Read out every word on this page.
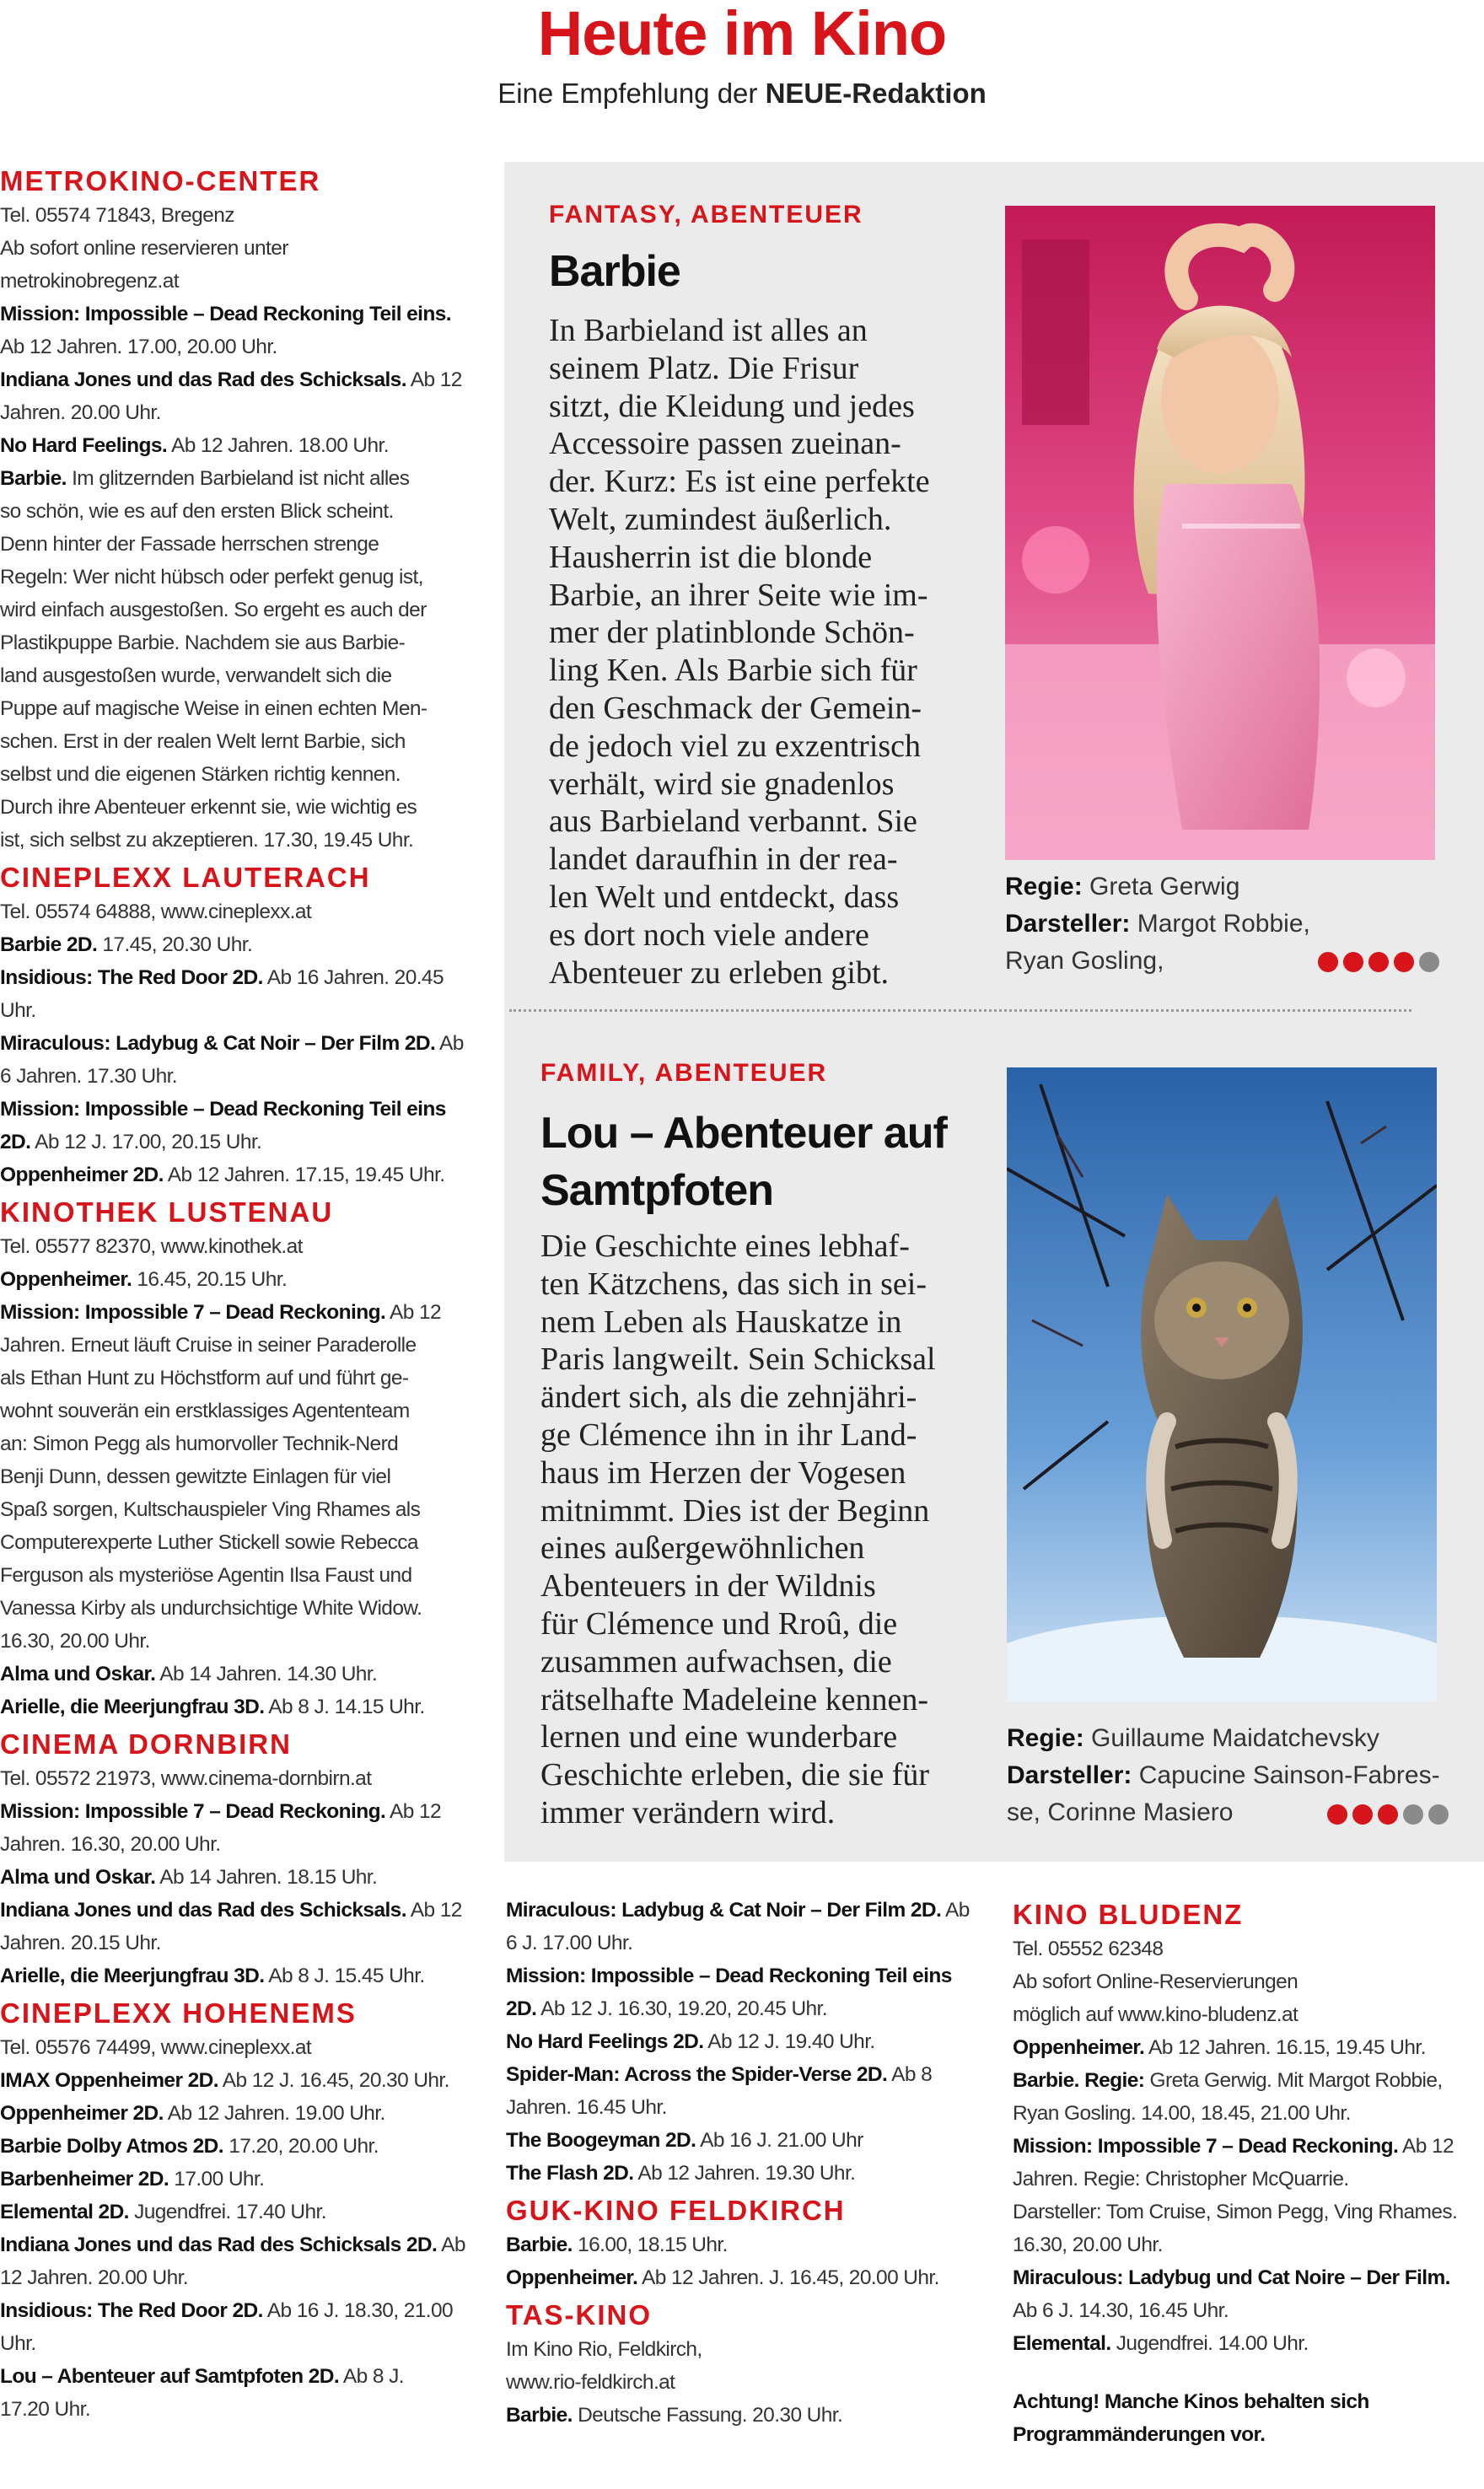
Heute im Kino
Eine Empfehlung der NEUE-Redaktion
METROKINO-CENTER
Tel. 05574 71843, Bregenz
Ab sofort online reservieren unter
metrokinobregenz.at
Mission: Impossible – Dead Reckoning Teil eins.
Ab 12 Jahren. 17.00, 20.00 Uhr.
Indiana Jones und das Rad des Schicksals. Ab 12
Jahren. 20.00 Uhr.
No Hard Feelings. Ab 12 Jahren. 18.00 Uhr.
Barbie. Im glitzernden Barbieland ist nicht alles
so schön, wie es auf den ersten Blick scheint.
Denn hinter der Fassade herrschen strenge
Regeln: Wer nicht hübsch oder perfekt genug ist,
wird einfach ausgestoßen. So ergeht es auch der
Plastikpuppe Barbie. Nachdem sie aus Barbie-
land ausgestoßen wurde, verwandelt sich die
Puppe auf magische Weise in einen echten Men-
schen. Erst in der realen Welt lernt Barbie, sich
selbst und die eigenen Stärken richtig kennen.
Durch ihre Abenteuer erkennt sie, wie wichtig es
ist, sich selbst zu akzeptieren. 17.30, 19.45 Uhr.
CINEPLEXX LAUTERACH
Tel. 05574 64888, www.cineplexx.at
Barbie 2D. 17.45, 20.30 Uhr.
Insidious: The Red Door 2D. Ab 16 Jahren. 20.45
Uhr.
Miraculous: Ladybug & Cat Noir – Der Film 2D. Ab
6 Jahren. 17.30 Uhr.
Mission: Impossible – Dead Reckoning Teil eins
2D. Ab 12 J. 17.00, 20.15 Uhr.
Oppenheimer 2D. Ab 12 Jahren. 17.15, 19.45 Uhr.
KINOTHEK LUSTENAU
Tel. 05577 82370, www.kinothek.at
Oppenheimer. 16.45, 20.15 Uhr.
Mission: Impossible 7 – Dead Reckoning. Ab 12
Jahren. Erneut läuft Cruise in seiner Paraderolle
als Ethan Hunt zu Höchstform auf und führt ge-
wohnt souverän ein erstklassiges Agententeam
an: Simon Pegg als humorvoller Technik-Nerd
Benji Dunn, dessen gewitzte Einlagen für viel
Spaß sorgen, Kultschauspieler Ving Rhames als
Computerexperte Luther Stickell sowie Rebecca
Ferguson als mysteriöse Agentin Ilsa Faust und
Vanessa Kirby als undurchsichtige White Widow.
16.30, 20.00 Uhr.
Alma und Oskar. Ab 14 Jahren. 14.30 Uhr.
Arielle, die Meerjungfrau 3D. Ab 8 J. 14.15 Uhr.
CINEMA DORNBIRN
Tel. 05572 21973, www.cinema-dornbirn.at
Mission: Impossible 7 – Dead Reckoning. Ab 12
Jahren. 16.30, 20.00 Uhr.
Alma und Oskar. Ab 14 Jahren. 18.15 Uhr.
Indiana Jones und das Rad des Schicksals. Ab 12
Jahren. 20.15 Uhr.
Arielle, die Meerjungfrau 3D. Ab 8 J. 15.45 Uhr.
CINEPLEXX HOHENEMS
Tel. 05576 74499, www.cineplexx.at
IMAX Oppenheimer 2D. Ab 12 J. 16.45, 20.30 Uhr.
Oppenheimer 2D. Ab 12 Jahren. 19.00 Uhr.
Barbie Dolby Atmos 2D. 17.20, 20.00 Uhr.
Barbenheimer 2D. 17.00 Uhr.
Elemental 2D. Jugendfrei. 17.40 Uhr.
Indiana Jones und das Rad des Schicksals 2D. Ab
12 Jahren. 20.00 Uhr.
Insidious: The Red Door 2D. Ab 16 J. 18.30, 21.00
Uhr.
Lou – Abenteuer auf Samtpfoten 2D. Ab 8 J.
17.20 Uhr.
FANTASY, ABENTEUER
Barbie
In Barbieland ist alles an
seinem Platz. Die Frisur
sitzt, die Kleidung und jedes
Accessoire passen zueinan-
der. Kurz: Es ist eine perfekte
Welt, zumindest äußerlich.
Hausherrin ist die blonde
Barbie, an ihrer Seite wie im-
mer der platinblonde Schön-
ling Ken. Als Barbie sich für
den Geschmack der Gemein-
de jedoch viel zu exzentrisch
verhält, wird sie gnadenlos
aus Barbieland verbannt. Sie
landet daraufhin in der rea-
len Welt und entdeckt, dass
es dort noch viele andere
Abenteuer zu erleben gibt.
Regie: Greta Gerwig
Darsteller: Margot Robbie,
Ryan Gosling,
FAMILY, ABENTEUER
Lou – Abenteuer auf
Samtpfoten
Die Geschichte eines lebhaf-
ten Kätzchens, das sich in sei-
nem Leben als Hauskatze in
Paris langweilt. Sein Schicksal
ändert sich, als die zehnjähri-
ge Clémence ihn in ihr Land-
haus im Herzen der Vogesen
mitnimmt. Dies ist der Beginn
eines außergewöhnlichen
Abenteuers in der Wildnis
für Clémence und Rroû, die
zusammen aufwachsen, die
rätselhafte Madeleine kennen-
lernen und eine wunderbare
Geschichte erleben, die sie für
immer verändern wird.
Regie: Guillaume Maidatchevsky
Darsteller: Capucine Sainson-Fabres-
se, Corinne Masiero
Miraculous: Ladybug & Cat Noir – Der Film 2D. Ab
6 J. 17.00 Uhr.
Mission: Impossible – Dead Reckoning Teil eins
2D. Ab 12 J. 16.30, 19.20, 20.45 Uhr.
No Hard Feelings 2D. Ab 12 J. 19.40 Uhr.
Spider-Man: Across the Spider-Verse 2D. Ab 8
Jahren. 16.45 Uhr.
The Boogeyman 2D. Ab 16 J. 21.00 Uhr
The Flash 2D. Ab 12 Jahren. 19.30 Uhr.
GUK-KINO FELDKIRCH
Barbie. 16.00, 18.15 Uhr.
Oppenheimer. Ab 12 Jahren. J. 16.45, 20.00 Uhr.
TAS-KINO
Im Kino Rio, Feldkirch,
www.rio-feldkirch.at
Barbie. Deutsche Fassung. 20.30 Uhr.
KINO BLUDENZ
Tel. 05552 62348
Ab sofort Online-Reservierungen
möglich auf www.kino-bludenz.at
Oppenheimer. Ab 12 Jahren. 16.15, 19.45 Uhr.
Barbie. Regie: Greta Gerwig. Mit Margot Robbie,
Ryan Gosling. 14.00, 18.45, 21.00 Uhr.
Mission: Impossible 7 – Dead Reckoning. Ab 12
Jahren. Regie: Christopher McQuarrie.
Darsteller: Tom Cruise, Simon Pegg, Ving Rhames.
16.30, 20.00 Uhr.
Miraculous: Ladybug und Cat Noire – Der Film.
Ab 6 J. 14.30, 16.45 Uhr.
Elemental. Jugendfrei. 14.00 Uhr.
Achtung! Manche Kinos behalten sich
Programmänderungen vor.
